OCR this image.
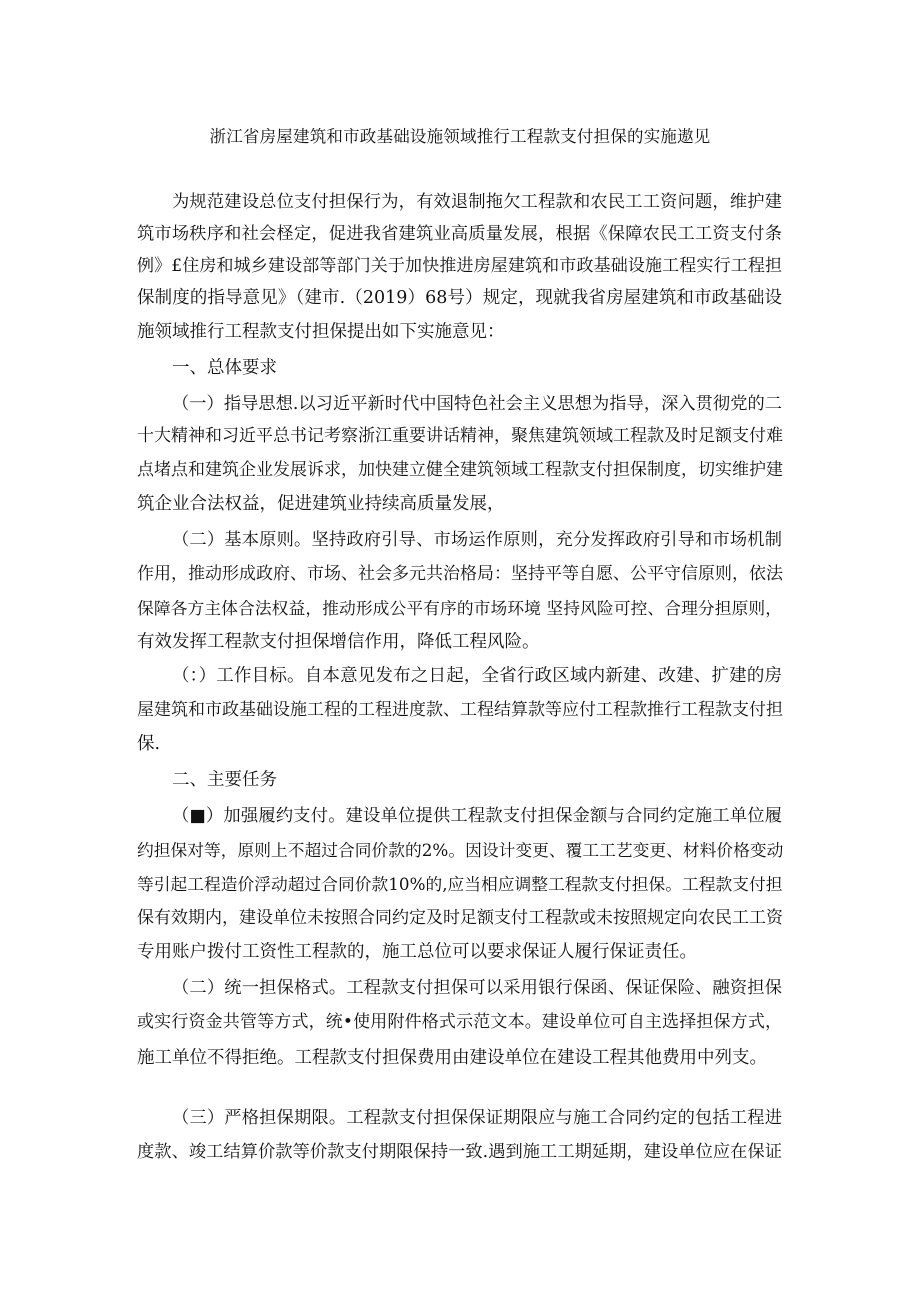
浙江省房屋建筑和市政基础设施领域推行工程款支付担保的实施遨见
为规范建设总位支付担保行为，有效退制拖欠工程款和农民工工资问题，维护建
筑市场秩序和社会柽定，促进我省建筑业高质量发展，根据《保障农民工工资支付条
例》£住房和城乡建设部等部门关于加快推进房屋建筑和市政基础设施工程实行工程担
保制度的指导意见》（建市.（2019）68号）规定，现就我省房屋建筑和市政基础设
施领域推行工程款支付担保提出如下实施意见：
一、总体要求
（一）指导思想.以习近平新时代中国特色社会主义思想为指导，深入贯彻党的二
十大精神和习近平总书记考察浙江重要讲话精神，聚焦建筑领域工程款及时足额支付难
点堵点和建筑企业发展诉求，加快建立健全建筑领域工程款支付担保制度，切实维护建
筑企业合法权益，促进建筑业持续高质量发展，
（二）基本原则。坚持政府引导、市场运作原则，充分发挥政府引导和市场机制
作用，推动形成政府、市场、社会多元共治格局：坚持平等自愿、公平守信原则，依法
保障各方主体合法权益，推动形成公平有序的市场环境 坚持风险可控、合理分担原则，
有效发挥工程款支付担保增信作用，降低工程风险。
（：）工作目标。自本意见发布之日起，全省行政区域内新建、改建、扩建的房
屋建筑和市政基础设施工程的工程进度款、工程结算款等应付工程款推行工程款支付担
保.
二、主要任务
（■）加强履约支付。建设单位提供工程款支付担保金额与合同约定施工单位履
约担保对等，原则上不超过合同价款的2%。因设计变更、覆工工艺变更、材料价格变动
等引起工程造价浮动超过合同价款10%的,应当相应调整工程款支付担保。工程款支付担
保有效期内，建设单位未按照合同约定及时足额支付工程款或未按照规定向农民工工资
专用账户拨付工资性工程款的，施工总位可以要求保证人履行保证责任。
（二）统一担保格式。工程款支付担保可以采用银行保函、保证保险、融资担保
或实行资金共管等方式，统•使用附件格式示范文本。建设单位可自主选择担保方式，
施工单位不得拒绝。工程款支付担保费用由建设单位在建设工程其他费用中列支。
（三）严格担保期限。工程款支付担保保证期限应与施工合同约定的包括工程进
度款、竣工结算价款等价款支付期限保持一致.遇到施工工期延期，建设单位应在保证
